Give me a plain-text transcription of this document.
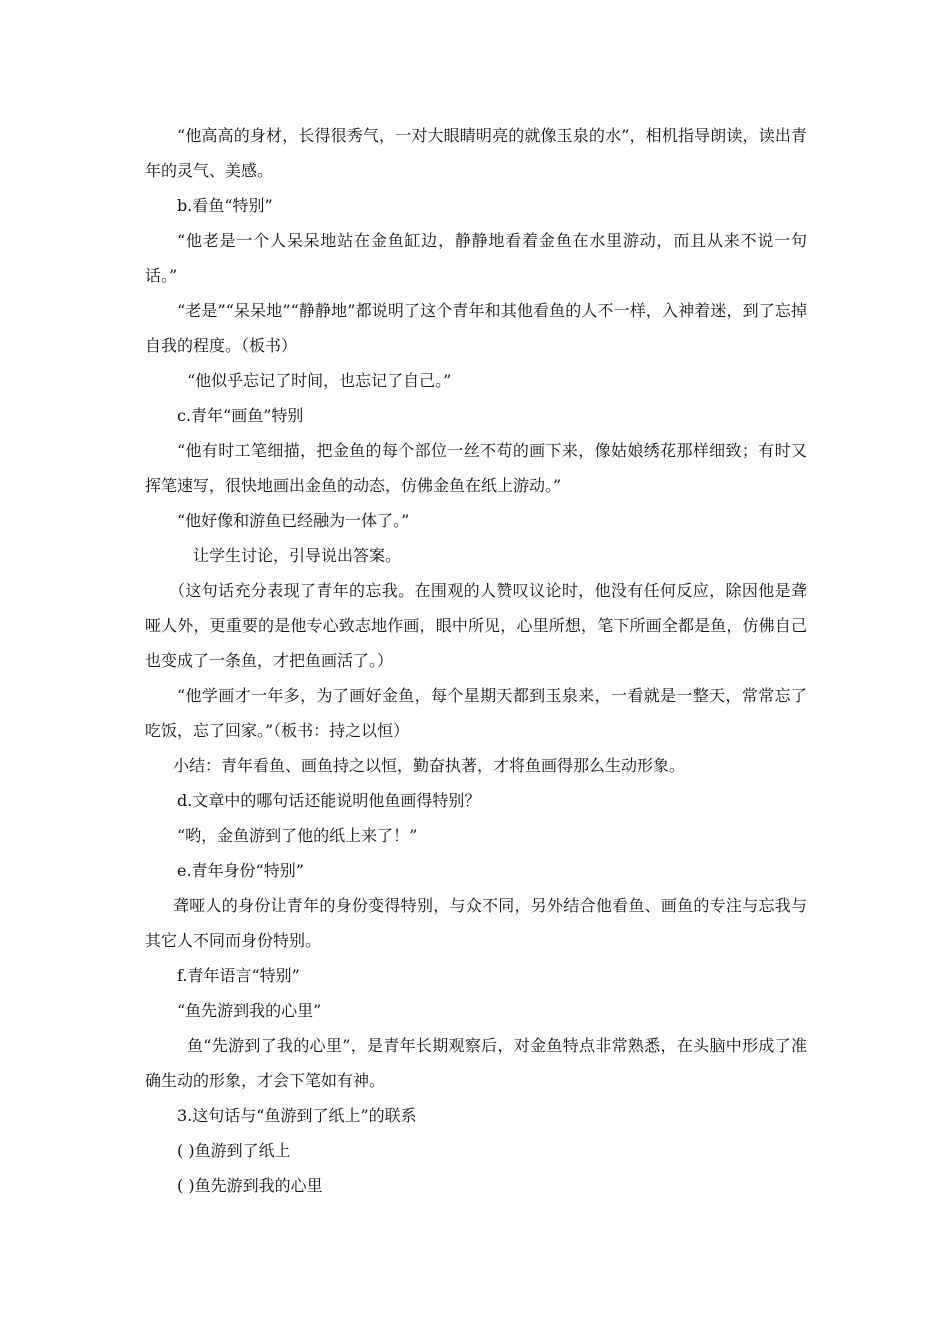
“他高高的身材，长得很秀气，一对大眼睛明亮的就像玉泉的水”，相机指导朗读，读出青年的灵气、美感。

b.看鱼“特别”

“他老是一个人呆呆地站在金鱼缸边，静静地看着金鱼在水里游动，而且从来不说一句话。”

“老是”“呆呆地”“静静地”都说明了这个青年和其他看鱼的人不一样，入神着迷，到了忘掉自我的程度。（板书）

“他似乎忘记了时间，也忘记了自己。”

c.青年“画鱼”特别

“他有时工笔细描，把金鱼的每个部位一丝不苟的画下来，像姑娘绣花那样细致；有时又挥笔速写，很快地画出金鱼的动态，仿佛金鱼在纸上游动。”

“他好像和游鱼已经融为一体了。”

让学生讨论，引导说出答案。

（这句话充分表现了青年的忘我。在围观的人赞叹议论时，他没有任何反应，除因他是聋哑人外，更重要的是他专心致志地作画，眼中所见，心里所想，笔下所画全都是鱼，仿佛自己也变成了一条鱼，才把鱼画活了。）

“他学画才一年多，为了画好金鱼，每个星期天都到玉泉来，一看就是一整天，常常忘了吃饭，忘了回家。”（板书：持之以恒）

小结：青年看鱼、画鱼持之以恒，勤奋执著，才将鱼画得那么生动形象。

d.文章中的哪句话还能说明他鱼画得特别？

“哟，金鱼游到了他的纸上来了！”

e.青年身份“特别”

聋哑人的身份让青年的身份变得特别，与众不同，另外结合他看鱼、画鱼的专注与忘我与其它人不同而身份特别。

f.青年语言“特别”

“鱼先游到我的心里”

鱼“先游到了我的心里”，是青年长期观察后，对金鱼特点非常熟悉，在头脑中形成了准确生动的形象，才会下笔如有神。

3.这句话与“鱼游到了纸上”的联系

( )鱼游到了纸上

( )鱼先游到我的心里
